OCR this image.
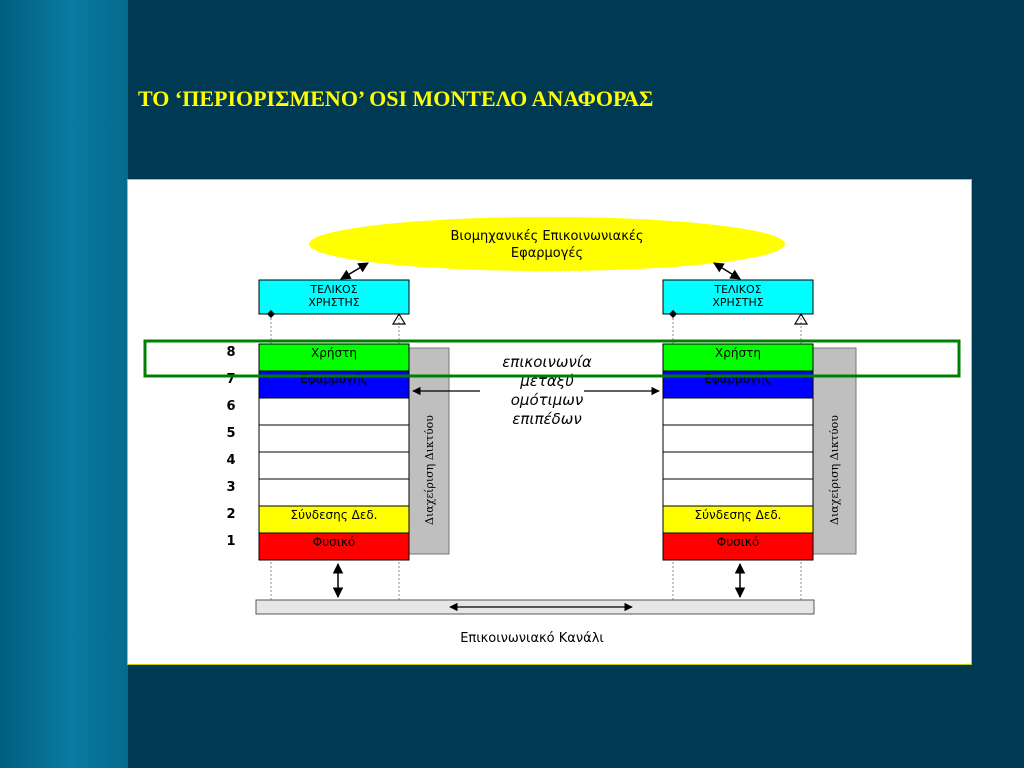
ΤΟ ‘ΠΕΡΙΟΡΙΣΜΕΝΟ’ OSI ΜΟΝΤΕΛΟ ΑΝΑΦΟΡΑΣ
Βιομηχανικές Επικοινωνιακές
Εφαρμογές
ΤΕΛΙΚΟΣ
ΧΡΗΣΤΗΣ
Διαχείριση Δικτύου
Χρήστη
Εφαρμογής
Σύνδεσης Δεδ.
Φυσικό
8
7
6
5
4
3
2
1
ΤΕΛΙΚΟΣ
ΧΡΗΣΤΗΣ
Διαχείριση Δικτύου
Χρήστη
Εφαρμογής
Σύνδεσης Δεδ.
Φυσικό
επικοινωνία
μεταξύ
ομότιμων
επιπέδων
Επικοινωνιακό Κανάλι
